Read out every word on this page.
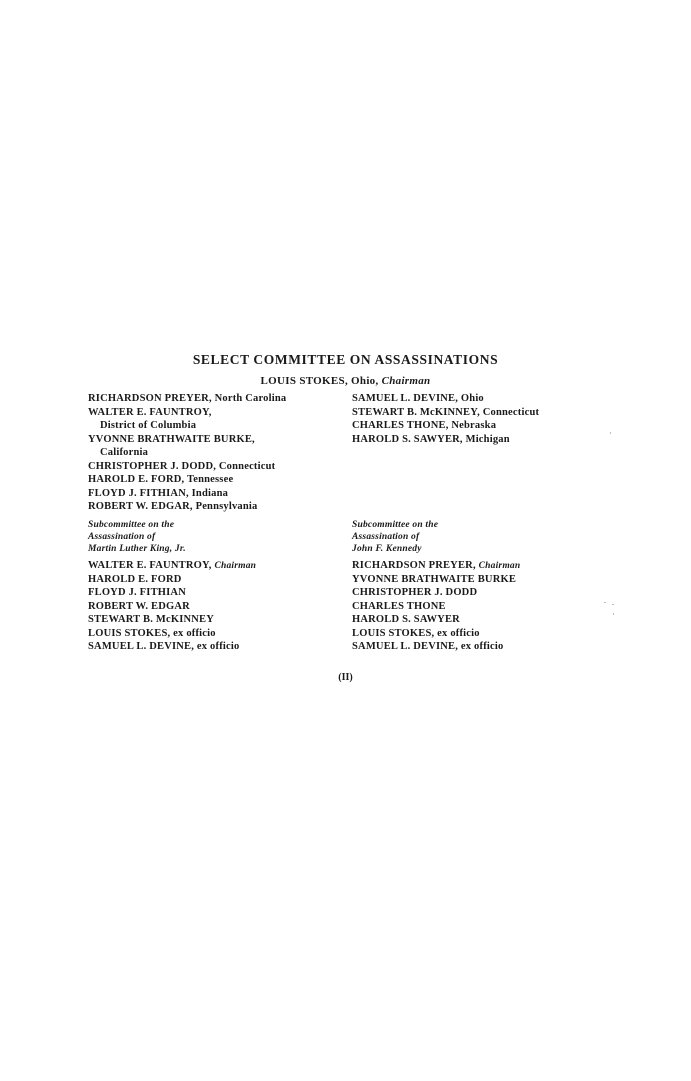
SELECT COMMITTEE ON ASSASSINATIONS
LOUIS STOKES, Ohio, Chairman
RICHARDSON PREYER, North Carolina
WALTER E. FAUNTROY,
District of Columbia
YVONNE BRATHWAITE BURKE,
California
CHRISTOPHER J. DODD, Connecticut
HAROLD E. FORD, Tennessee
FLOYD J. FITHIAN, Indiana
ROBERT W. EDGAR, Pennsylvania
SAMUEL L. DEVINE, Ohio
STEWART B. McKINNEY, Connecticut
CHARLES THONE, Nebraska
HAROLD S. SAWYER, Michigan
Subcommittee on the
Assassination of
Martin Luther King, Jr.
WALTER E. FAUNTROY, Chairman
HAROLD E. FORD
FLOYD J. FITHIAN
ROBERT W. EDGAR
STEWART B. McKINNEY
LOUIS STOKES, ex officio
SAMUEL L. DEVINE, ex officio
Subcommittee on the
Assassination of
John F. Kennedy
RICHARDSON PREYER, Chairman
YVONNE BRATHWAITE BURKE
CHRISTOPHER J. DODD
CHARLES THONE
HAROLD S. SAWYER
LOUIS STOKES, ex officio
SAMUEL L. DEVINE, ex officio
(II)
